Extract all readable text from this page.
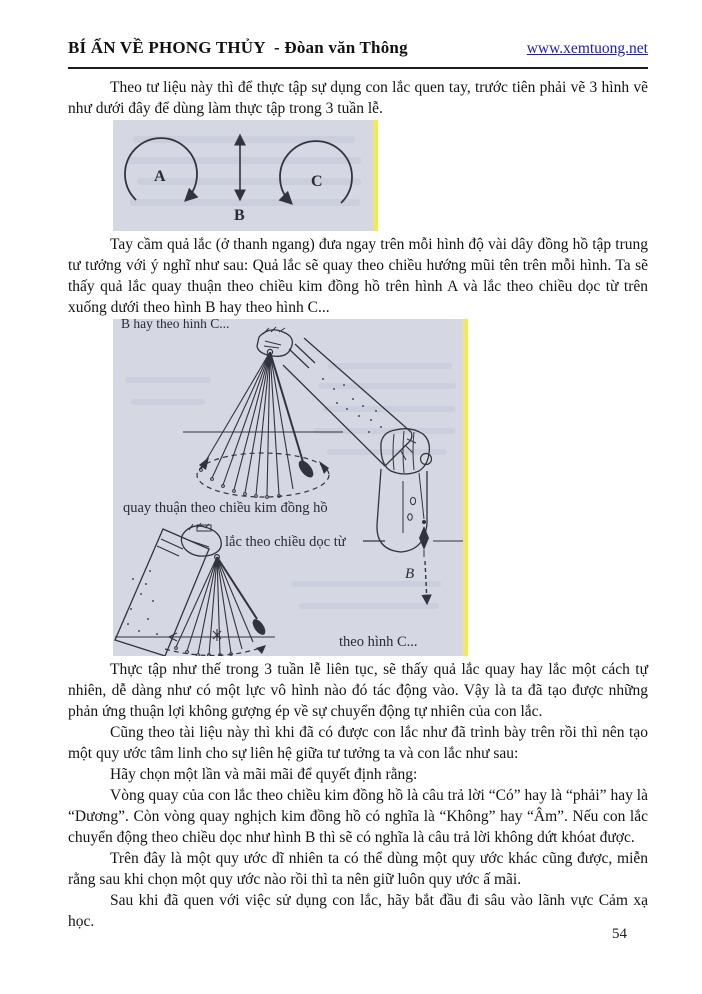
BÍ ẨN VỀ PHONG THỦY  - Đòan văn Thông	www.xemtuong.net

Theo tư liệu này thì để thực tập sự dụng con lắc quen tay, trước tiên phải vẽ 3 hình vẽ như dưới đây để dùng làm thực tập trong 3 tuần lễ.

A
B
C

Tay cầm quả lắc (ở thanh ngang) đưa ngay trên mỗi hình độ vài dây đồng hồ tập trung tư tưởng với ý nghĩ như sau: Quả lắc sẽ quay theo chiều hướng mũi tên trên mỗi hình. Ta sẽ thấy quả lắc quay thuận theo chiều kim đồng hồ trên hình A và lắc theo chiều dọc từ trên xuống dưới theo hình B hay theo hình C...

B hay theo hình C...
quay thuận theo chiều kim đồng hồ
B
lắc theo chiều dọc từ
theo hình C...

Thực tập như thế trong 3 tuần lễ liên tục, sẽ thấy quả lắc quay hay lắc một cách tự nhiên, dễ dàng như có một lực vô hình nào đó tác động vào. Vậy là ta đã tạo được những phản ứng thuận lợi không gượng ép về sự chuyển động tự nhiên của con lắc.

Cũng theo tài liệu này thì khi đã có được con lắc như đã trình bày trên rồi thì nên tạo một quy ước tâm linh cho sự liên hệ giữa tư tưởng ta và con lắc như sau:

Hãy chọn một lần và mãi mãi để quyết định rằng:

Vòng quay của con lắc theo chiều kim đồng hồ là câu trả lời “Có” hay là “phải” hay là “Dương”. Còn vòng quay nghịch kim đồng hồ có nghĩa là “Không” hay “Âm”. Nếu con lắc chuyển động theo chiều dọc như hình B thì sẽ có nghĩa là câu trả lời không dứt khóat được.

Trên đây là một quy ước dĩ nhiên ta có thể dùng một quy ước khác cũng được, miễn rằng sau khi chọn một quy ước nào rồi thì ta nên giữ luôn quy ước ấ mãi.

Sau khi đã quen với việc sử dụng con lắc, hãy bắt đầu đi sâu vào lãnh vực Cảm xạ học.

54
